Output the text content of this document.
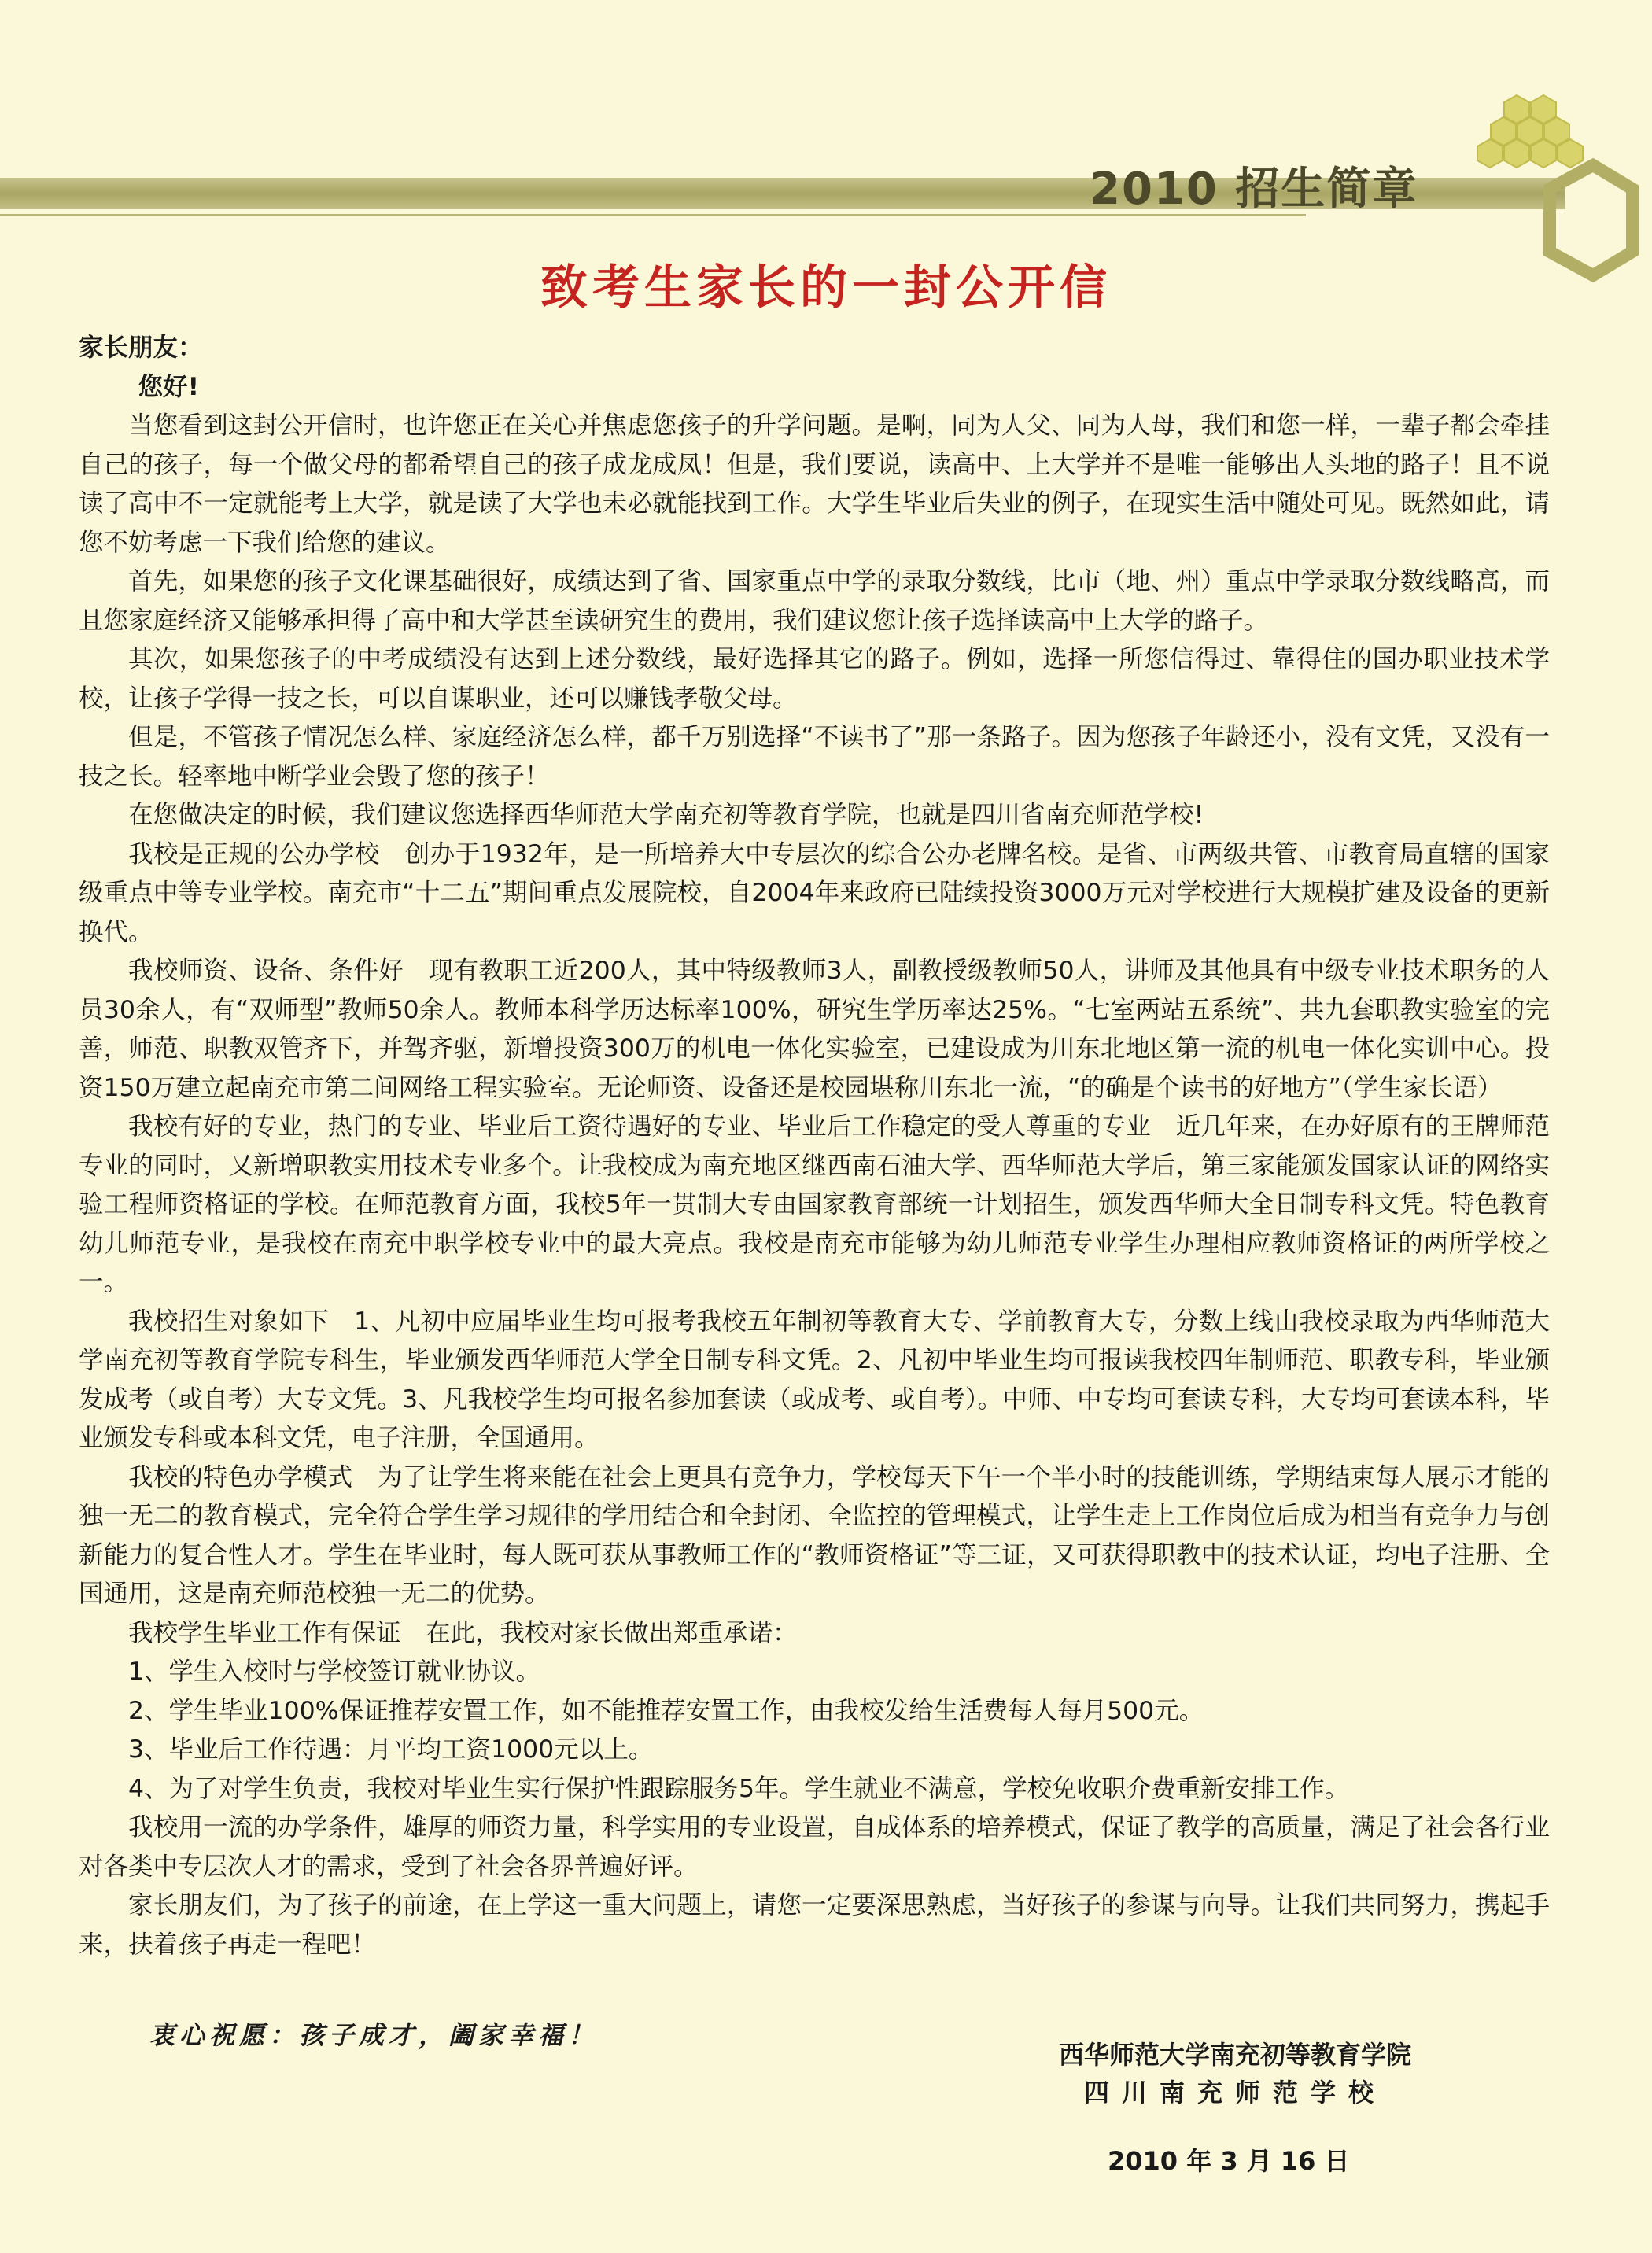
2010 招生简章
致考生家长的一封公开信

家长朋友：

您好!

当您看到这封公开信时，也许您正在关心并焦虑您孩子的升学问题。是啊，同为人父、同为人母，我们和您一样，一辈子都会牵挂自己的孩子，每一个做父母的都希望自己的孩子成龙成凤！但是，我们要说，读高中、上大学并不是唯一能够出人头地的路子！且不说读了高中不一定就能考上大学，就是读了大学也未必就能找到工作。大学生毕业后失业的例子，在现实生活中随处可见。既然如此，请您不妨考虑一下我们给您的建议。

首先，如果您的孩子文化课基础很好，成绩达到了省、国家重点中学的录取分数线，比市（地、州）重点中学录取分数线略高，而且您家庭经济又能够承担得了高中和大学甚至读研究生的费用，我们建议您让孩子选择读高中上大学的路子。

其次，如果您孩子的中考成绩没有达到上述分数线，最好选择其它的路子。例如，选择一所您信得过、靠得住的国办职业技术学校，让孩子学得一技之长，可以自谋职业，还可以赚钱孝敬父母。

但是，不管孩子情况怎么样、家庭经济怎么样，都千万别选择“不读书了”那一条路子。因为您孩子年龄还小，没有文凭，又没有一技之长。轻率地中断学业会毁了您的孩子！

在您做决定的时候，我们建议您选择西华师范大学南充初等教育学院，也就是四川省南充师范学校!

我校是正规的公办学校　创办于1932年，是一所培养大中专层次的综合公办老牌名校。是省、市两级共管、市教育局直辖的国家级重点中等专业学校。南充市“十二五”期间重点发展院校，自2004年来政府已陆续投资3000万元对学校进行大规模扩建及设备的更新换代。

我校师资、设备、条件好　现有教职工近200人，其中特级教师3人，副教授级教师50人，讲师及其他具有中级专业技术职务的人员30余人，有“双师型”教师50余人。教师本科学历达标率100%，研究生学历率达25%。“七室两站五系统”、共九套职教实验室的完善，师范、职教双管齐下，并驾齐驱，新增投资300万的机电一体化实验室，已建设成为川东北地区第一流的机电一体化实训中心。投资150万建立起南充市第二间网络工程实验室。无论师资、设备还是校园堪称川东北一流，“的确是个读书的好地方”（学生家长语）

我校有好的专业，热门的专业、毕业后工资待遇好的专业、毕业后工作稳定的受人尊重的专业　近几年来，在办好原有的王牌师范专业的同时，又新增职教实用技术专业多个。让我校成为南充地区继西南石油大学、西华师范大学后，第三家能颁发国家认证的网络实验工程师资格证的学校。在师范教育方面，我校5年一贯制大专由国家教育部统一计划招生，颁发西华师大全日制专科文凭。特色教育幼儿师范专业，是我校在南充中职学校专业中的最大亮点。我校是南充市能够为幼儿师范专业学生办理相应教师资格证的两所学校之一。

我校招生对象如下　1、凡初中应届毕业生均可报考我校五年制初等教育大专、学前教育大专，分数上线由我校录取为西华师范大学南充初等教育学院专科生，毕业颁发西华师范大学全日制专科文凭。2、凡初中毕业生均可报读我校四年制师范、职教专科，毕业颁发成考（或自考）大专文凭。3、凡我校学生均可报名参加套读（或成考、或自考）。中师、中专均可套读专科，大专均可套读本科，毕业颁发专科或本科文凭，电子注册，全国通用。

我校的特色办学模式　为了让学生将来能在社会上更具有竞争力，学校每天下午一个半小时的技能训练，学期结束每人展示才能的独一无二的教育模式，完全符合学生学习规律的学用结合和全封闭、全监控的管理模式，让学生走上工作岗位后成为相当有竞争力与创新能力的复合性人才。学生在毕业时，每人既可获从事教师工作的“教师资格证”等三证，又可获得职教中的技术认证，均电子注册、全国通用，这是南充师范校独一无二的优势。

我校学生毕业工作有保证　在此，我校对家长做出郑重承诺：

1、学生入校时与学校签订就业协议。

2、学生毕业100%保证推荐安置工作，如不能推荐安置工作，由我校发给生活费每人每月500元。

3、毕业后工作待遇：月平均工资1000元以上。

4、为了对学生负责，我校对毕业生实行保护性跟踪服务5年。学生就业不满意，学校免收职介费重新安排工作。

我校用一流的办学条件，雄厚的师资力量，科学实用的专业设置，自成体系的培养模式，保证了教学的高质量，满足了社会各行业对各类中专层次人才的需求，受到了社会各界普遍好评。

家长朋友们，为了孩子的前途，在上学这一重大问题上，请您一定要深思熟虑，当好孩子的参谋与向导。让我们共同努力，携起手来，扶着孩子再走一程吧！

衷心祝愿：孩子成才，阖家幸福！
西华师范大学南充初等教育学院
四川南充师范学校
2010 年 3 月 16 日
